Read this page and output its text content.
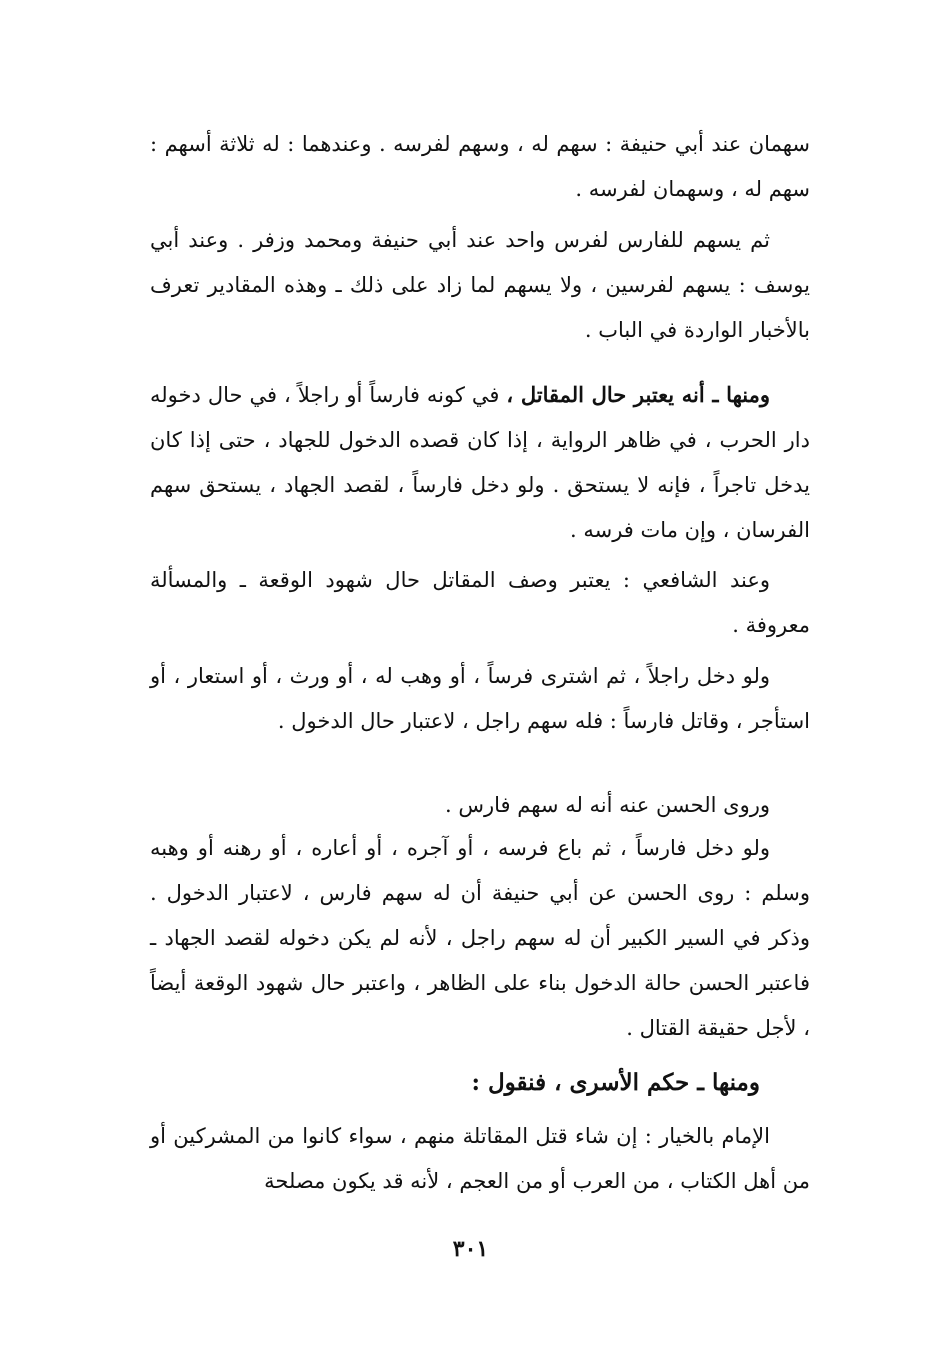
سهمان عند أبي حنيفة : سهم له ، وسهم لفرسه . وعندهما : له ثلاثة أسهم : سهم له ، وسهمان لفرسه .

ثم يسهم للفارس لفرس واحد عند أبي حنيفة ومحمد وزفر . وعند أبي يوسف : يسهم لفرسين ، ولا يسهم لما زاد على ذلك ـ وهذه المقادير تعرف بالأخبار الواردة في الباب .

ومنها ـ أنه يعتبر حال المقاتل ، في كونه فارساً أو راجلاً ، في حال دخوله دار الحرب ، في ظاهر الرواية ، إذا كان قصده الدخول للجهاد ، حتى إذا كان يدخل تاجراً ، فإنه لا يستحق . ولو دخل فارساً ، لقصد الجهاد ، يستحق سهم الفرسان ، وإن مات فرسه .

وعند الشافعي : يعتبر وصف المقاتل حال شهود الوقعة ـ والمسألة معروفة .

ولو دخل راجلاً ، ثم اشترى فرساً ، أو وهب له ، أو ورث ، أو استعار ، أو استأجر ، وقاتل فارساً : فله سهم راجل ، لاعتبار حال الدخول .

وروى الحسن عنه أنه له سهم فارس .

ولو دخل فارساً ، ثم باع فرسه ، أو آجره ، أو أعاره ، أو رهنه أو وهبه وسلم : روى الحسن عن أبي حنيفة أن له سهم فارس ، لاعتبار الدخول . وذكر في السير الكبير أن له سهم راجل ، لأنه لم يكن دخوله لقصد الجهاد ـ فاعتبر الحسن حالة الدخول بناء على الظاهر ، واعتبر حال شهود الوقعة أيضاً ، لأجل حقيقة القتال .

ومنها ـ حكم الأسرى ، فنقول :

الإمام بالخيار : إن شاء قتل المقاتلة منهم ، سواء كانوا من المشركين أو من أهل الكتاب ، من العرب أو من العجم ، لأنه قد يكون مصلحة

٣٠١
